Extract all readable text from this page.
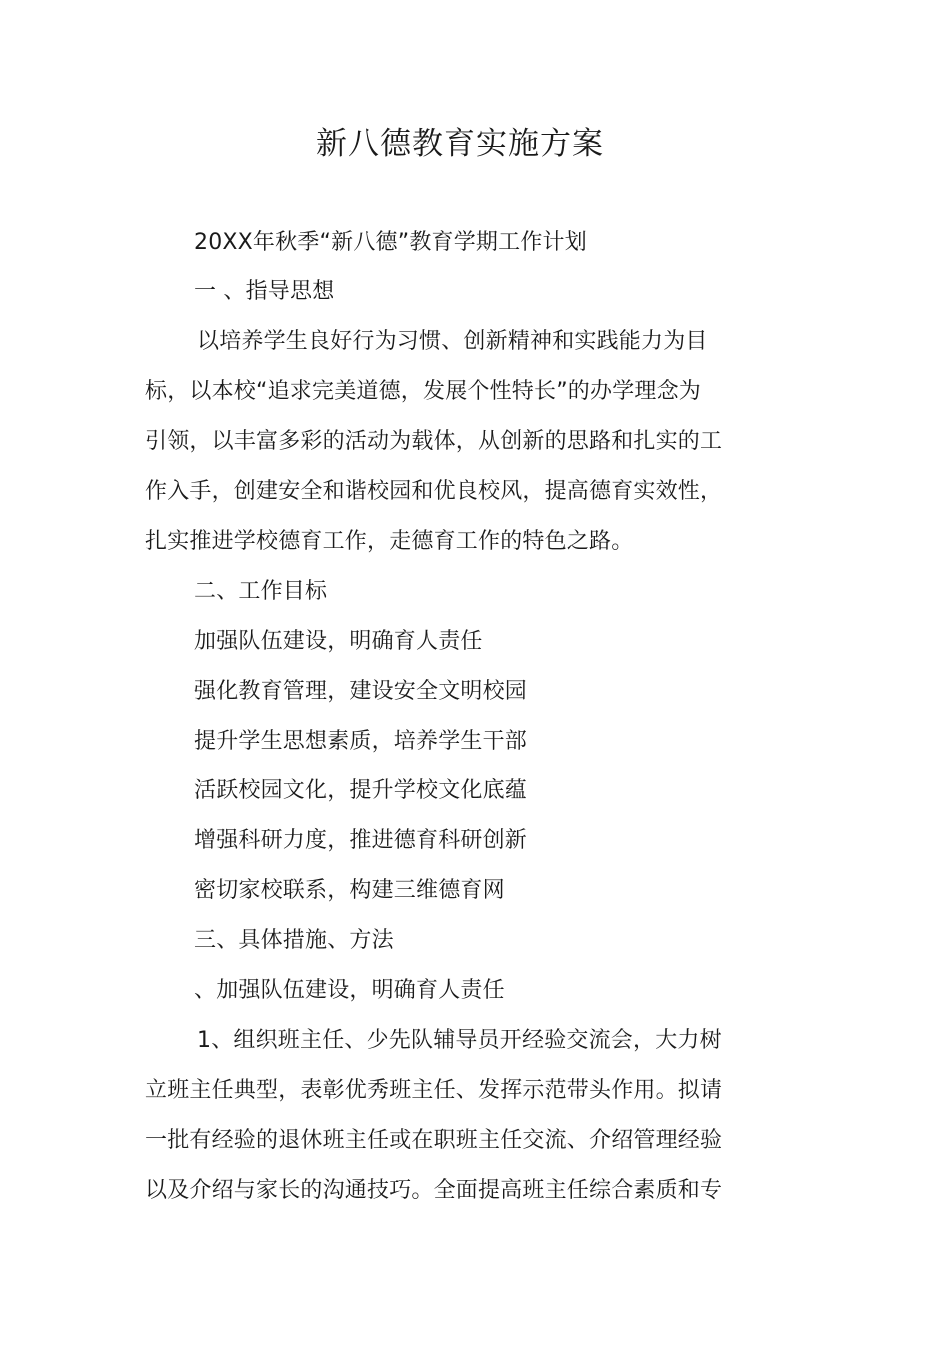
新八德教育实施方案
20XX年秋季“新八德”教育学期工作计划
一 、指导思想
以培养学生良好行为习惯、创新精神和实践能力为目
标，以本校“追求完美道德，发展个性特长”的办学理念为
引领，以丰富多彩的活动为载体，从创新的思路和扎实的工
作入手，创建安全和谐校园和优良校风，提高德育实效性，
扎实推进学校德育工作，走德育工作的特色之路。
二、工作目标
加强队伍建设，明确育人责任
强化教育管理，建设安全文明校园
提升学生思想素质，培养学生干部
活跃校园文化，提升学校文化底蕴
增强科研力度，推进德育科研创新
密切家校联系，构建三维德育网
三、具体措施、方法
、加强队伍建设，明确育人责任
1、组织班主任、少先队辅导员开经验交流会，大力树
立班主任典型，表彰优秀班主任、发挥示范带头作用。拟请
一批有经验的退休班主任或在职班主任交流、介绍管理经验
以及介绍与家长的沟通技巧。全面提高班主任综合素质和专
